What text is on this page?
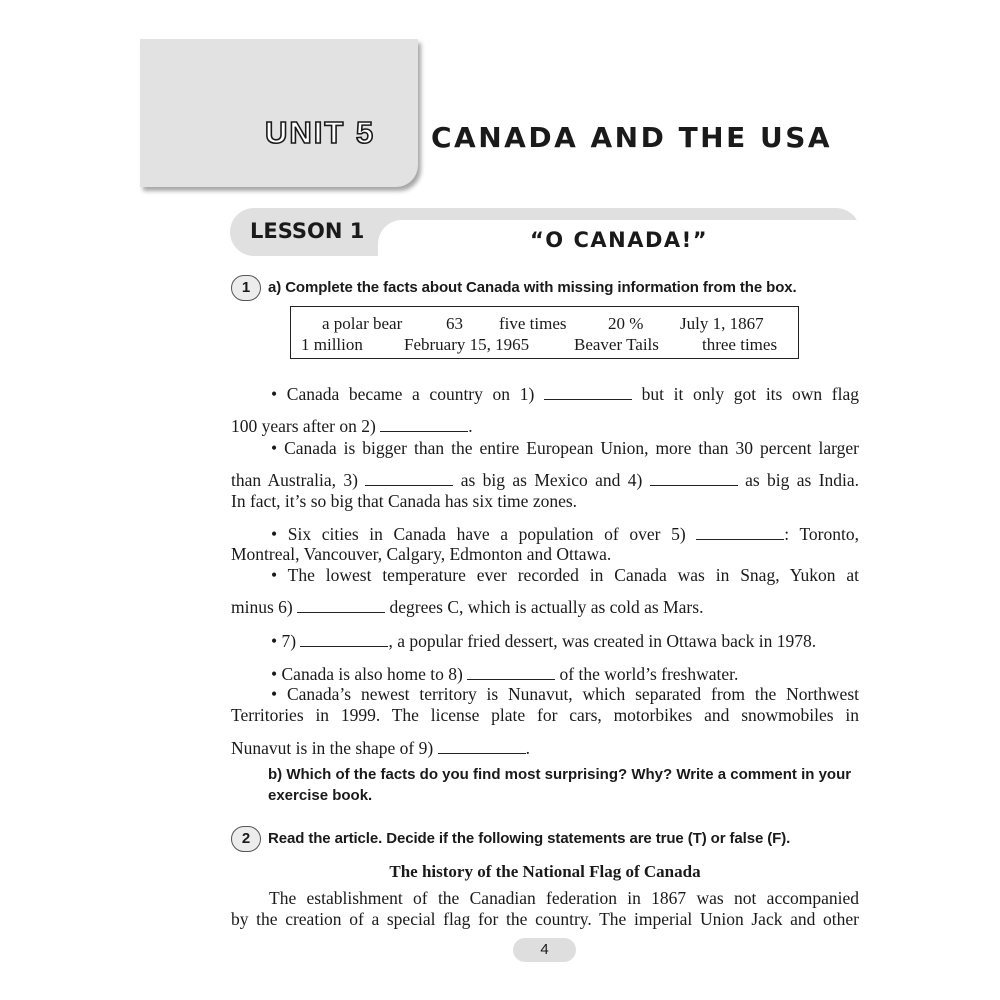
UNIT 5 CANADA AND THE USA
LESSON 1	“O CANADA!”
1	a) Complete the facts about Canada with missing information from the box.
a polar bear	63 five times 20 % July 1, 1867
1 million February 15, 1965	Beaver Tails	three times
• Canada became a country on 1)	but it only got its own flag
100 years after on 2)	.
• Canada is bigger than the entire European Union, more than 30 percent larger
than Australia, 3)	as big as Mexico and 4)	as big as India.
In fact, it’s so big that Canada has six time zones.
• Six cities in Canada have a population of over 5)	: Toronto,
Montreal, Vancouver, Calgary, Edmonton and Ottawa.
• The lowest temperature ever recorded in Canada was in Snag, Yukon at
minus 6)	degrees C, which is actually as cold as Mars.
• 7)	, a popular fried dessert, was created in Ottawa back in 1978.
• Canada is also home to 8)	of the world’s freshwater.
• Canada’s newest territory is Nunavut, which separated from the Northwest
Territories in 1999. The license plate for cars, motorbikes and snowmobiles in
Nunavut is in the shape of 9)	.
b) Which of the facts do you find most surprising? Why? Write a comment in your exercise book.
2	Read the article. Decide if the following statements are true (T) or false (F).
The history of the National Flag of Canada
The establishment of the Canadian federation in 1867 was not accompanied
by the creation of a special flag for the country. The imperial Union Jack and other
4
